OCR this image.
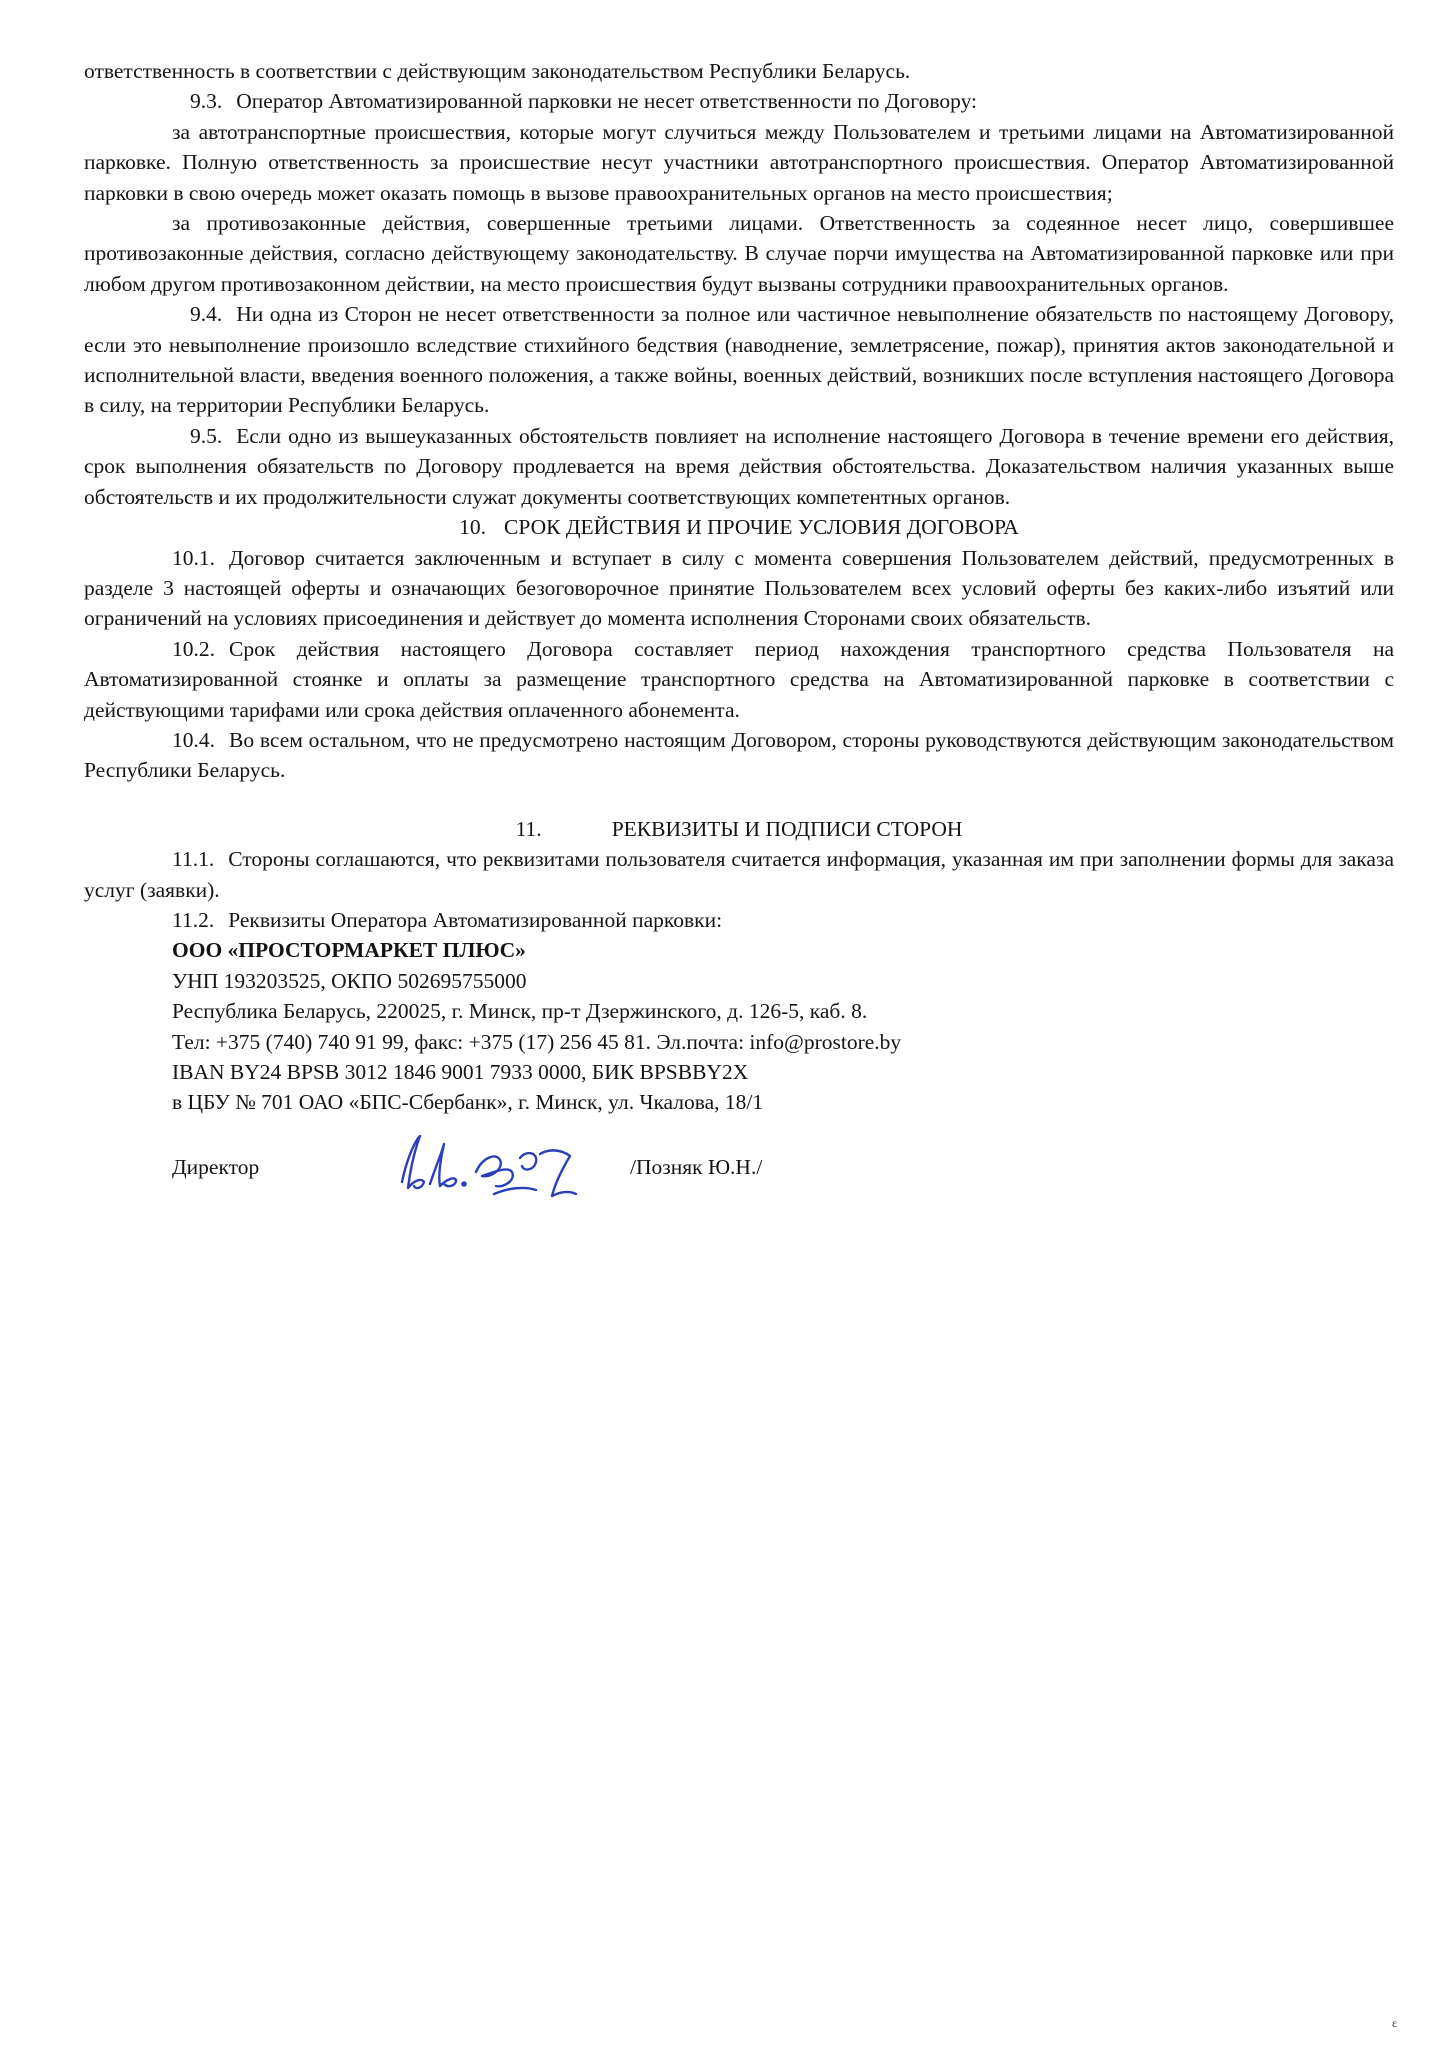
ответственность в соответствии с действующим законодательством Республики Беларусь.

9.3. Оператор Автоматизированной парковки не несет ответственности по Договору:

за автотранспортные происшествия, которые могут случиться между Пользователем и третьими лицами на Автоматизированной парковке. Полную ответственность за происшествие несут участники автотранспортного происшествия. Оператор Автоматизированной парковки в свою очередь может оказать помощь в вызове правоохранительных органов на место происшествия;

за противозаконные действия, совершенные третьими лицами. Ответственность за содеянное несет лицо, совершившее противозаконные действия, согласно действующему законодательству. В случае порчи имущества на Автоматизированной парковке или при любом другом противозаконном действии, на место происшествия будут вызваны сотрудники правоохранительных органов.

9.4. Ни одна из Сторон не несет ответственности за полное или частичное невыполнение обязательств по настоящему Договору, если это невыполнение произошло вследствие стихийного бедствия (наводнение, землетрясение, пожар), принятия актов законодательной и исполнительной власти, введения военного положения, а также войны, военных действий, возникших после вступления настоящего Договора в силу, на территории Республики Беларусь.

9.5. Если одно из вышеуказанных обстоятельств повлияет на исполнение настоящего Договора в течение времени его действия, срок выполнения обязательств по Договору продлевается на время действия обстоятельства. Доказательством наличия указанных выше обстоятельств и их продолжительности служат документы соответствующих компетентных органов.

10. СРОК ДЕЙСТВИЯ И ПРОЧИЕ УСЛОВИЯ ДОГОВОРА

10.1. Договор считается заключенным и вступает в силу с момента совершения Пользователем действий, предусмотренных в разделе 3 настоящей оферты и означающих безоговорочное принятие Пользователем всех условий оферты без каких-либо изъятий или ограничений на условиях присоединения и действует до момента исполнения Сторонами своих обязательств.

10.2. Срок действия настоящего Договора составляет период нахождения транспортного средства Пользователя на Автоматизированной стоянке и оплаты за размещение транспортного средства на Автоматизированной парковке в соответствии с действующими тарифами или срока действия оплаченного абонемента.

10.4. Во всем остальном, что не предусмотрено настоящим Договором, стороны руководствуются действующим законодательством Республики Беларусь.

11.	РЕКВИЗИТЫ И ПОДПИСИ СТОРОН

11.1. Стороны соглашаются, что реквизитами пользователя считается информация, указанная им при заполнении формы для заказа услуг (заявки).

11.2. Реквизиты Оператора Автоматизированной парковки:

ООО «ПРОСТОРМАРКЕТ ПЛЮС»

УНП 193203525, ОКПО 502695755000

Республика Беларусь, 220025, г. Минск, пр-т Дзержинского, д. 126-5, каб. 8.

Тел: +375 (740) 740 91 99, факс: +375 (17) 256 45 81. Эл.почта: info@prostore.by

IBAN BY24 BPSB 3012 1846 9001 7933 0000, БИК BPSBBY2X

в ЦБУ № 701 ОАО «БПС-Сбербанк», г. Минск, ул. Чкалова, 18/1

Директор	/Позняк Ю.Н./
ε
